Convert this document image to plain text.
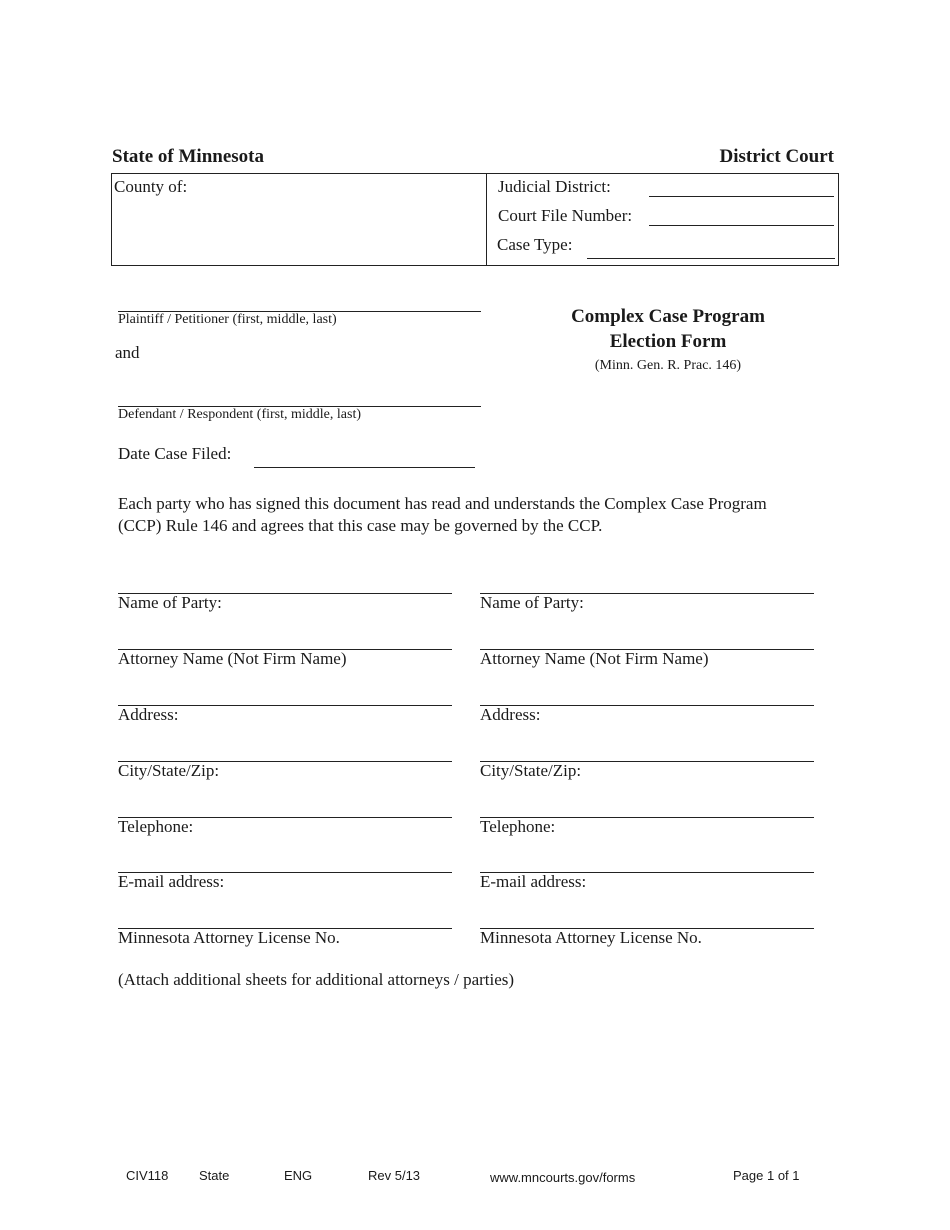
State of Minnesota	District Court
County of:	Judicial District:
Court File Number:
Case Type:
Plaintiff / Petitioner (first, middle, last)
and
Defendant / Respondent (first, middle, last)
Date Case Filed:
Complex Case Program
Election Form
(Minn. Gen. R. Prac. 146)
Each party who has signed this document has read and understands the Complex Case Program
(CCP) Rule 146 and agrees that this case may be governed by the CCP.
Name of Party:
Attorney Name (Not Firm Name)
Address:
City/State/Zip:
Telephone:
E-mail address:
Minnesota Attorney License No.
Name of Party:
Attorney Name (Not Firm Name)
Address:
City/State/Zip:
Telephone:
E-mail address:
Minnesota Attorney License No.
(Attach additional sheets for additional attorneys / parties)
CIV118 State	ENG	Rev 5/13	www.mncourts.gov/forms	Page 1 of 1
